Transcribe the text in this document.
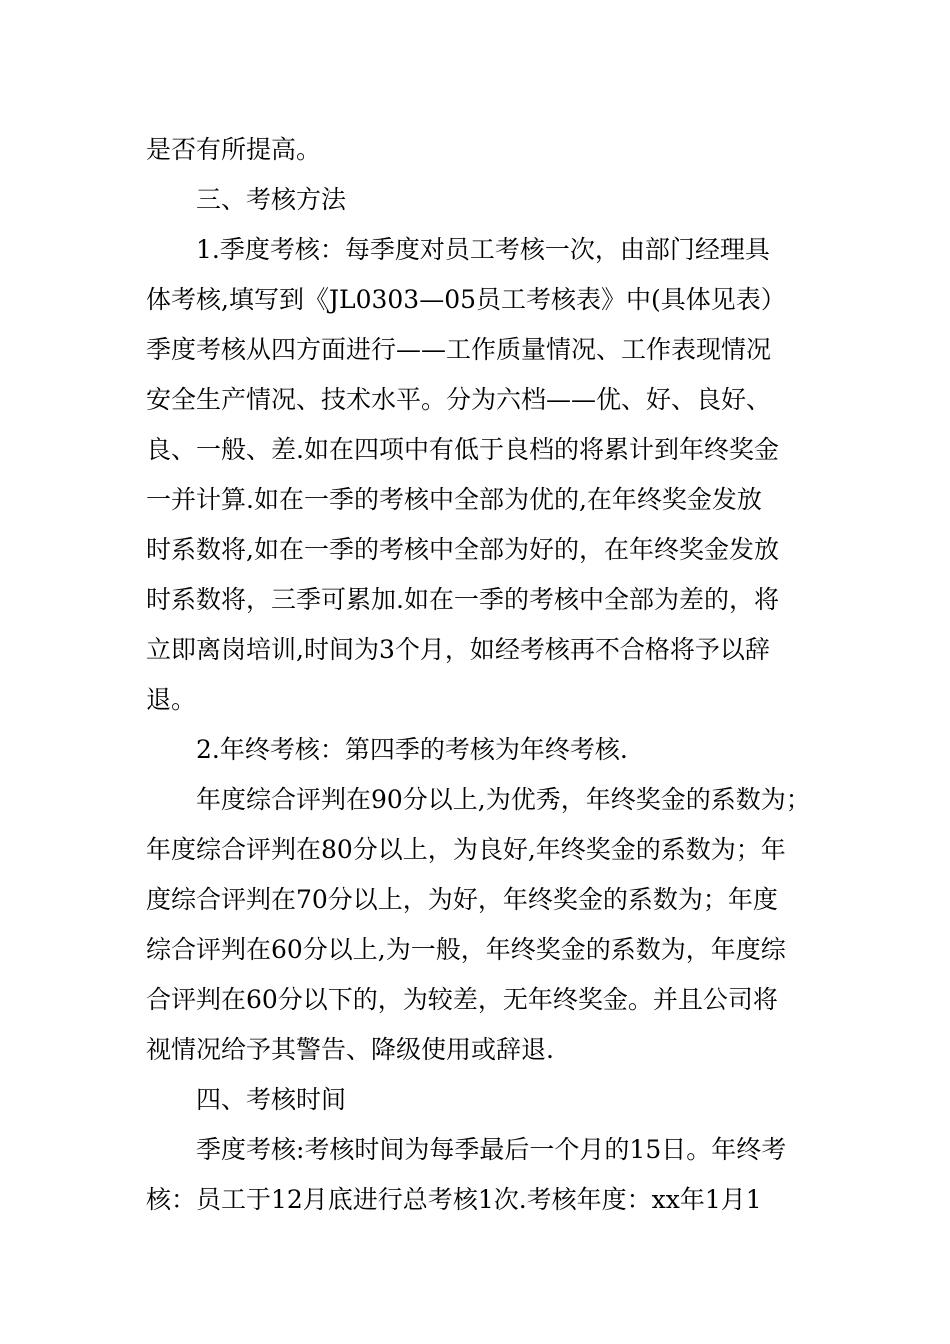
是否有所提高。
三、考核方法
1.季度考核：每季度对员工考核一次，由部门经理具
体考核,填写到《JL0303—05员工考核表》中(具体见表）
季度考核从四方面进行——工作质量情况、工作表现情况
安全生产情况、技术水平。分为六档——优、好、良好、
良、一般、差.如在四项中有低于良档的将累计到年终奖金
一并计算.如在一季的考核中全部为优的,在年终奖金发放
时系数将,如在一季的考核中全部为好的，在年终奖金发放
时系数将，三季可累加.如在一季的考核中全部为差的，将
立即离岗培训,时间为3个月，如经考核再不合格将予以辞
退。
2.年终考核：第四季的考核为年终考核.
年度综合评判在90分以上,为优秀，年终奖金的系数为；
年度综合评判在80分以上，为良好,年终奖金的系数为；年
度综合评判在70分以上，为好，年终奖金的系数为；年度
综合评判在60分以上,为一般，年终奖金的系数为，年度综
合评判在60分以下的，为较差，无年终奖金。并且公司将
视情况给予其警告、降级使用或辞退.
四、考核时间
季度考核:考核时间为每季最后一个月的15日。年终考
核：员工于12月底进行总考核1次.考核年度：xx年1月1
